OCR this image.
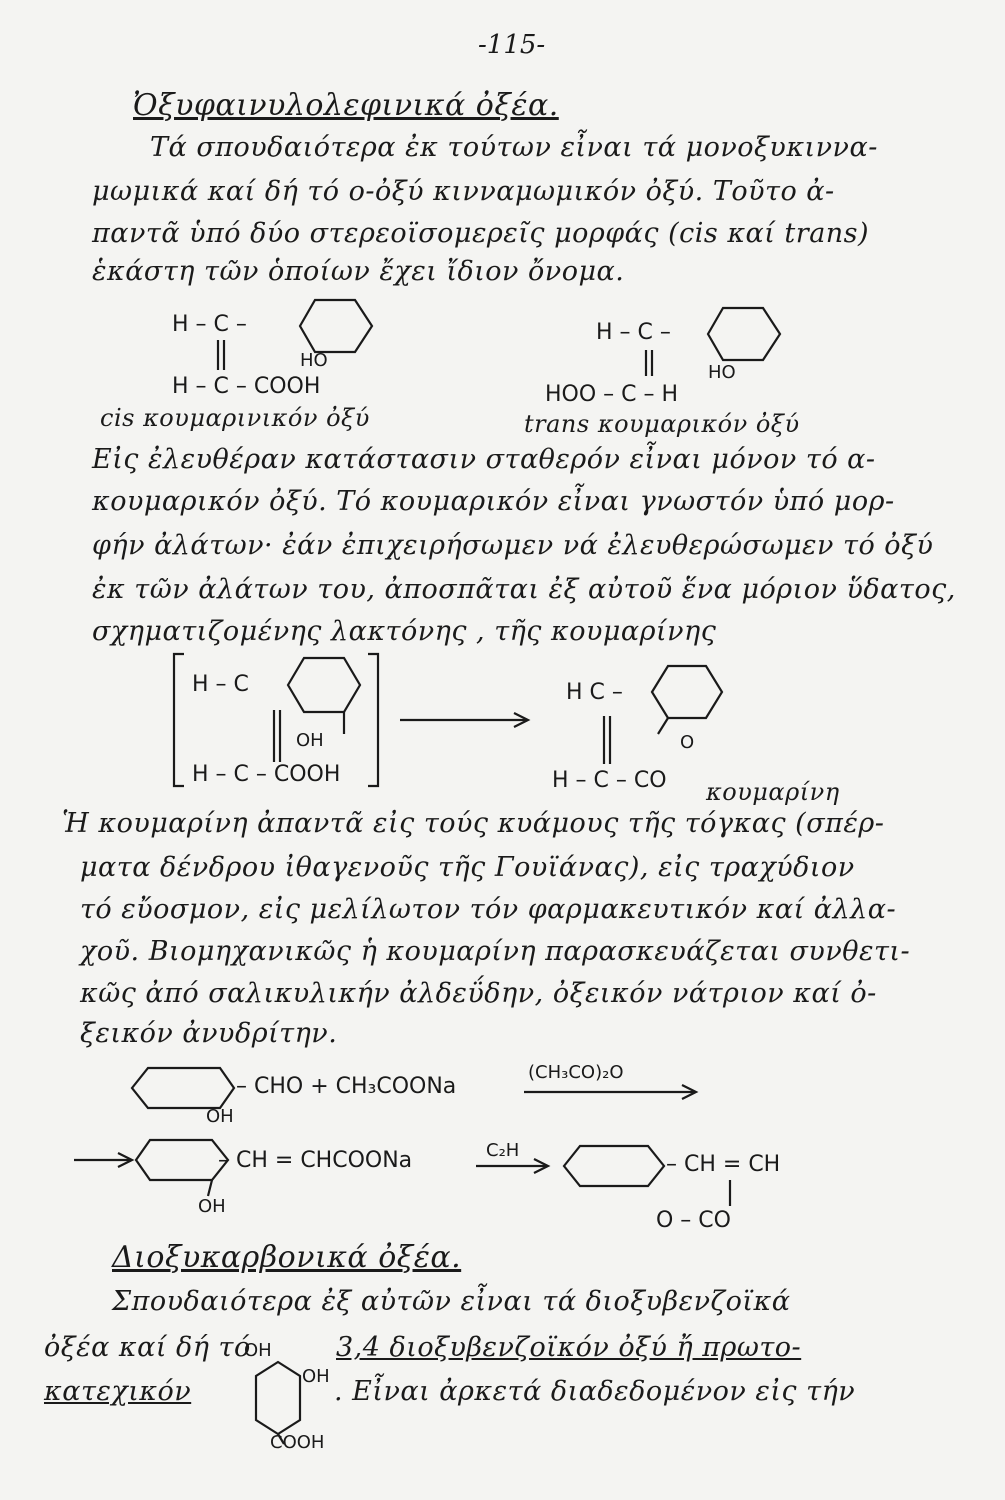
-115-
Ὀξυφαινυλολεφινικά ὀξέα.
Τά σπουδαιότερα ἐκ τούτων εἶναι τά μονοξυκιννα-
μωμικά καί δή τό ο-ὀξύ κινναμωμικόν ὀξύ. Τοῦτο ἀ-
παντᾶ ὑπό δύο στερεοϊσομερεῖς μορφάς (cis καί trans)
ἑκάστη τῶν ὁποίων ἔχει ἴδιον ὄνομα.
H – C –
HO
H – C – COOH
cis κουμαρινικόν ὀξύ
H – C –
HO
HOO – C – H
trans κουμαρικόν ὀξύ
Εἰς ἐλευθέραν κατάστασιν σταθερόν εἶναι μόνον τό α-
κουμαρικόν ὀξύ. Τό κουμαρικόν εἶναι γνωστόν ὑπό μορ-
φήν ἀλάτων· ἐάν ἐπιχειρήσωμεν νά ἐλευθερώσωμεν τό ὀξύ
ἐκ τῶν ἀλάτων του, ἀποσπᾶται ἐξ αὐτοῦ ἕνα μόριον ὕδατος,
σχηματιζομένης λακτόνης , τῆς κουμαρίνης
H – C
OH
H – C – COOH
H C –
O
H – C – CO κουμαρίνη
Ἡ κουμαρίνη ἀπαντᾶ εἰς τούς κυάμους τῆς τόγκας (σπέρ-
ματα δένδρου ἰθαγενοῦς τῆς Γουϊάνας), εἰς τραχύδιον
τό εὔοσμον, εἰς μελίλωτον τόν φαρμακευτικόν καί ἀλλα-
χοῦ. Βιομηχανικῶς ἡ κουμαρίνη παρασκευάζεται συνθετι-
κῶς ἀπό σαλικυλικήν ἀλδεΰδην, ὀξεικόν νάτριον καί ὀ-
ξεικόν ἀνυδρίτην.
– CHO + CH₃COONa
OH
(CH₃CO)₂O
– CH = CHCOONa
OH
C₂H
– CH = CH
O – CO
Διοξυκαρβονικά ὀξέα.
Σπουδαιότερα ἐξ αὐτῶν εἶναι τά διοξυβενζοϊκά
ὀξέα καί δή τό	3,4 διοξυβενζοϊκόν ὀξύ ἤ πρωτο-
κατεχικόν
OH
OH
COOH
. Εἶναι ἀρκετά διαδεδομένον εἰς τήν
